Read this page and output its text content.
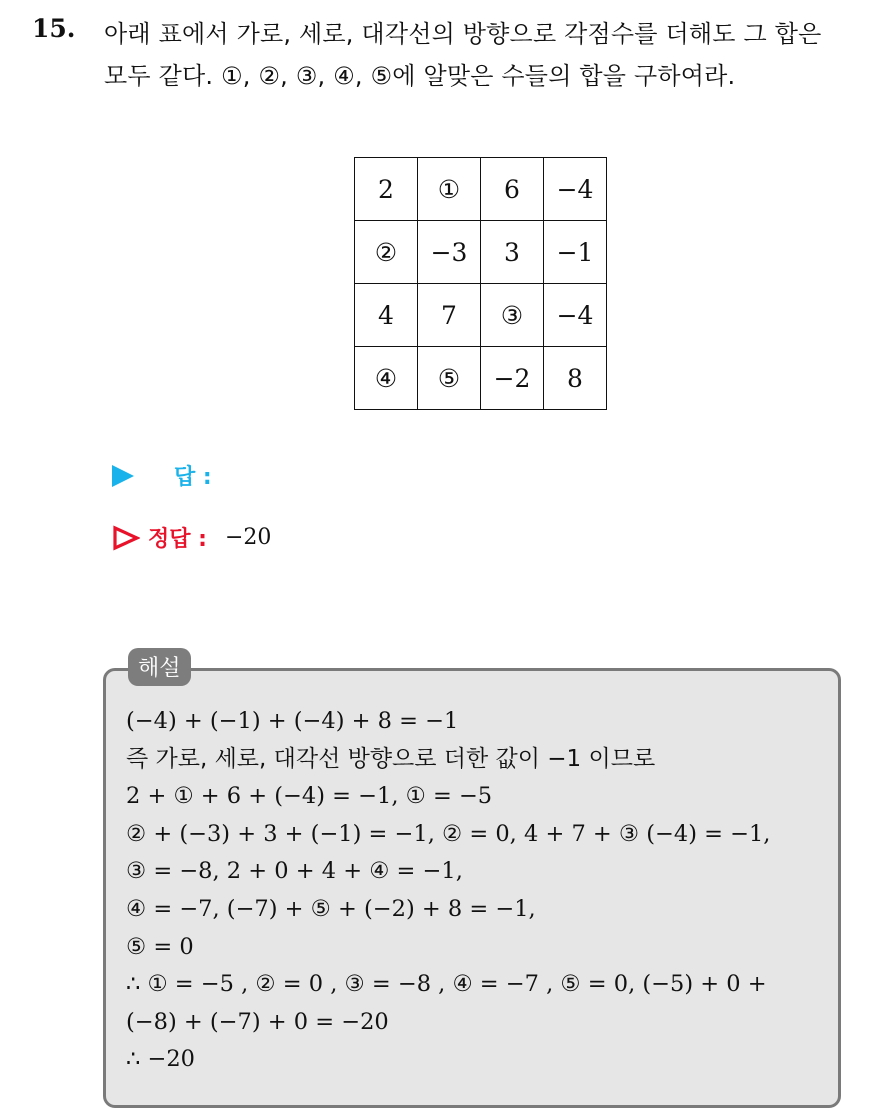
15. 아래 표에서 가로, 세로, 대각선의 방향으로 각점수를 더해도 그 합은
모두 같다. ①, ②, ③, ④, ⑤에 알맞은 수들의 합을 구하여라.
2	①	6	−4
②	−3	3	−1
4	7	③	−4
④	⑤	−2	8
답 :
정답 : −20
해설
(−4) + (−1) + (−4) + 8 = −1
즉 가로, 세로, 대각선 방향으로 더한 값이 −1 이므로
2 + ① + 6 + (−4) = −1, ① = −5
② + (−3) + 3 + (−1) = −1, ② = 0, 4 + 7 + ③ (−4) = −1,
③ = −8, 2 + 0 + 4 + ④ = −1,
④ = −7, (−7) + ⑤ + (−2) + 8 = −1,
⑤ = 0
∴ ① = −5 , ② = 0 , ③ = −8 , ④ = −7 , ⑤ = 0, (−5) + 0 +
(−8) + (−7) + 0 = −20
∴ −20
